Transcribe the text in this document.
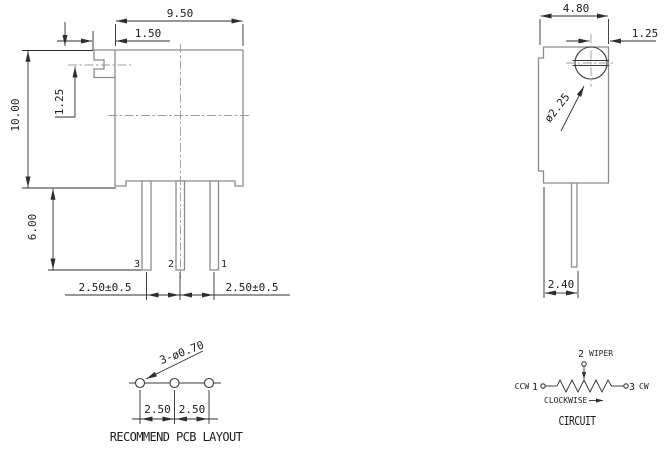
9.50
1.50
10.00	1.25
6.00
3	2	1
2.50±0.5	2.50±0.5
4.80
1.25
ø2.25
2.40
3-ø0.70
2.50 2.50
RECOMMEND PCB LAYOUT
2 WIPER
CCW 1	3 CW
CLOCKWISE
CIRCUIT
